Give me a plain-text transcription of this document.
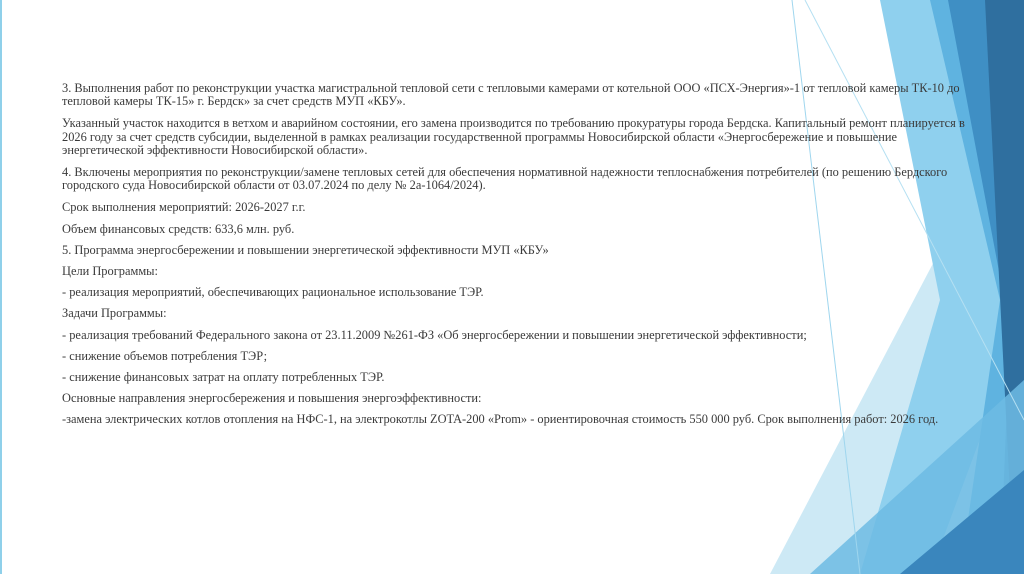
3. Выполнения работ по реконструкции участка магистральной тепловой сети с тепловыми камерами от котельной ООО «ПСХ-Энергия»-1 от тепловой камеры ТК-10 до тепловой камеры ТК-15» г. Бердск» за счет средств МУП «КБУ».

Указанный участок находится в ветхом и аварийном состоянии, его замена производится по требованию прокуратуры города Бердска. Капитальный ремонт планируется в 2026 году за счет средств субсидии, выделенной в рамках реализации государственной программы Новосибирской области «Энергосбережение и повышение энергетической эффективности Новосибирской области».

4. Включены мероприятия по реконструкции/замене тепловых сетей для обеспечения нормативной надежности теплоснабжения потребителей (по решению Бердского городского суда Новосибирской области от 03.07.2024 по делу № 2а-1064/2024).

Срок выполнения мероприятий: 2026-2027 г.г.

Объем финансовых средств: 633,6 млн. руб.

5. Программа энергосбережении и повышении энергетической эффективности МУП «КБУ»

Цели Программы:

- реализация мероприятий, обеспечивающих рациональное использование ТЭР.

Задачи Программы:

- реализация требований Федерального закона от 23.11.2009 №261-ФЗ «Об энергосбережении и повышении энергетической эффективности;

- снижение объемов потребления ТЭР;

- снижение финансовых затрат на оплату потребленных ТЭР.

Основные направления энергосбережения и повышения энергоэффективности:

-замена электрических котлов отопления на НФС-1, на электрокотлы ZOTA-200 «Prom» - ориентировочная стоимость 550 000 руб. Срок выполнения работ: 2026 год.
